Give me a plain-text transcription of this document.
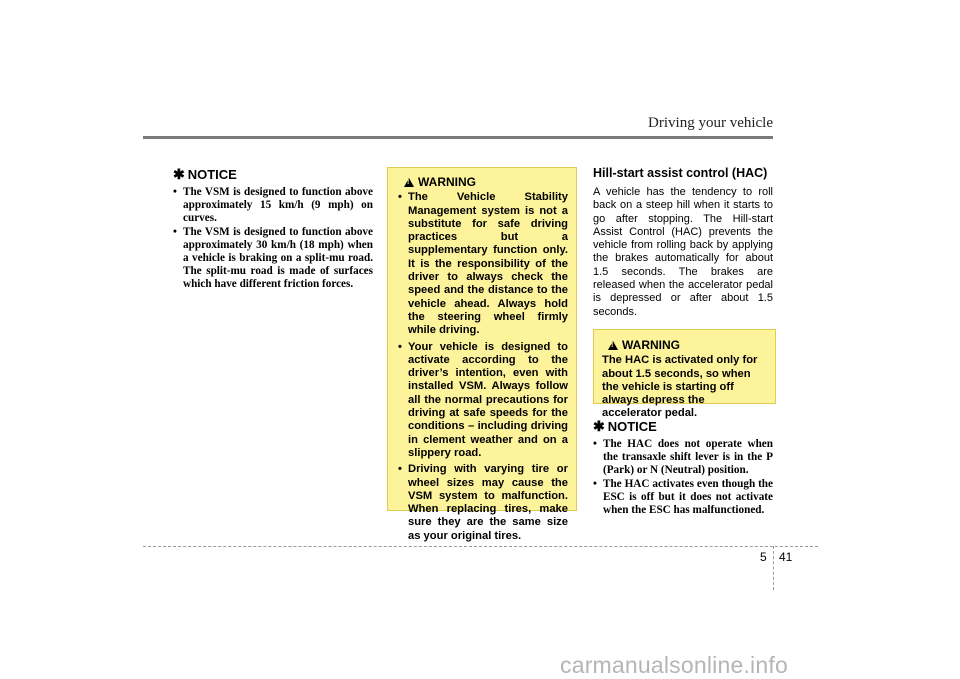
Driving your vehicle
✱ NOTICE
• The VSM is designed to function above approximately 15 km/h (9 mph) on curves.
• The VSM is designed to function above approximately 30 km/h (18 mph) when a vehicle is braking on a split-mu road. The split-mu road is made of surfaces which have different friction forces.
!
WARNING
• The Vehicle Stability Management system is not a substitute for safe driving practices but a supplementary function only. It is the responsibility of the driver to always check the speed and the distance to the vehicle ahead. Always hold the steering wheel firmly while driving.
• Your vehicle is designed to activate according to the driver’s intention, even with installed VSM. Always follow all the normal precautions for driving at safe speeds for the conditions – including driving in clement weather and on a slippery road.
• Driving with varying tire or wheel sizes may cause the VSM system to malfunction. When replacing tires, make sure they are the same size as your original tires.
Hill-start assist control (HAC)

A vehicle has the tendency to roll back on a steep hill when it starts to go after stopping. The Hill-start Assist Control (HAC) prevents the vehicle from rolling back by applying the brakes automatically for about 1.5 seconds. The brakes are released when the accelerator pedal is depressed or after about 1.5 seconds.

!
WARNING
The HAC is activated only for about 1.5 seconds, so when the vehicle is starting off always depress the accelerator pedal.
✱ NOTICE
• The HAC does not operate when the transaxle shift lever is in the P (Park) or N (Neutral) position.
• The HAC activates even though the ESC is off but it does not activate when the ESC has malfunctioned.
5 41
carmanualsonline.info
